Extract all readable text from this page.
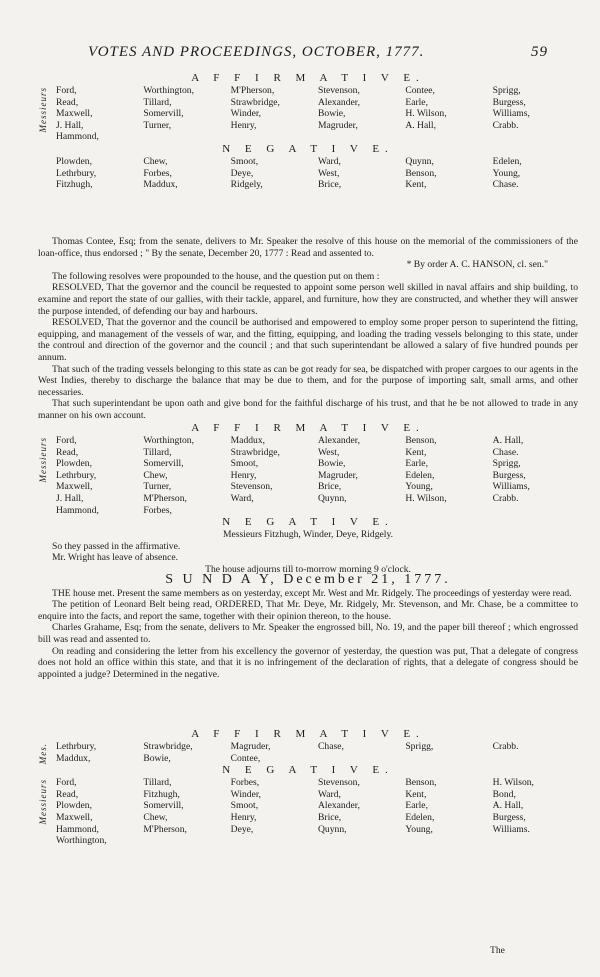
VOTES AND PROCEEDINGS, OCTOBER, 1777.	59
A F F I R M A T I V E.
Messieurs Ford,	Worthington,	M'Pherson,	Stevenson,	Contee,	Sprigg,
Read,	Tillard,	Strawbridge,	Alexander,	Earle,	Burgess,
Maxwell,	Somervill,	Winder,	Bowie,	H. Wilson,	Williams,
J. Hall,	Turner,	Henry,	Magruder,	A. Hall,	Crabb.
Hammond,
N E G A T I V E.
Plowden,	Chew,	Smoot,	Ward,	Quynn,	Edelen,
Lethrbury,	Forbes,	Deye,	West,	Benson,	Young,
Fitzhugh,	Maddux,	Ridgely,	Brice,	Kent,	Chase.

Thomas Contee, Esq; from the senate, delivers to Mr. Speaker the resolve of this house on the memorial of the commissioners of the loan-office, thus endorsed ; " By the senate, December 20, 1777 : Read and assented to.

* By order A. C. HANSON, cl. sen."

The following resolves were propounded to the house, and the question put on them :

RESOLVED, That the governor and the council be requested to appoint some person well skilled in naval affairs and ship building, to examine and report the state of our gallies, with their tackle, apparel, and furniture, how they are constructed, and whether they will answer the purpose intended, of defending our bay and harbours.

RESOLVED, That the governor and the council be authorised and empowered to employ some proper person to superintend the fitting, equipping, and management of the vessels of war, and the fitting, equipping, and loading the trading vessels belonging to this state, under the controul and direction of the governor and the council ; and that such superintendant be allowed a salary of five hundred pounds per annum.

That such of the trading vessels belonging to this state as can be got ready for sea, be dispatched with proper cargoes to our agents in the West Indies, thereby to discharge the balance that may be due to them, and for the purpose of importing salt, small arms, and other necessaries.

That such superintendant be upon oath and give bond for the faithful discharge of his trust, and that he be not allowed to trade in any manner on his own account.

A F F I R M A T I V E.
Messieurs Ford,	Worthington,	Maddux,	Alexander,	Benson,	A. Hall,
Read,	Tillard,	Strawbridge,	West,	Kent,	Chase.
Plowden,	Somervill,	Smoot,	Bowie,	Earle,	Sprigg,
Lethrbury,	Chew,	Henry,	Magruder,	Edelen,	Burgess,
Maxwell,	Turner,	Stevenson,	Brice,	Young,	Williams,
J. Hall,	M'Pherson,	Ward,	Quynn,	H. Wilson,	Crabb.
Hammond,	Forbes,
N E G A T I V E.
Messieurs Fitzhugh, Winder, Deye, Ridgely.

So they passed in the affirmative.

Mr. Wright has leave of absence.

The house adjourns till to-morrow morning 9 o'clock.
S U N D A Y, December 21, 1777.

THE house met. Present the same members as on yesterday, except Mr. West and Mr. Ridgely. The proceedings of yesterday were read.

The petition of Leonard Belt being read, ORDERED, That Mr. Deye, Mr. Ridgely, Mr. Stevenson, and Mr. Chase, be a committee to enquire into the facts, and report the same, together with their opinion thereon, to the house.

Charles Grahame, Esq; from the senate, delivers to Mr. Speaker the engrossed bill, No. 19, and the paper bill thereof ; which engrossed bill was read and assented to.

On reading and considering the letter from his excellency the governor of yesterday, the question was put, That a delegate of congress does not hold an office within this state, and that it is no infringement of the declaration of rights, that a delegate of congress should be appointed a judge? Determined in the negative.

A F F I R M A T I V E.
Mes. Lethrbury,	Strawbridge,	Magruder,	Chase,	Sprigg,	Crabb.
Maddux,	Bowie,	Contee,
N E G A T I V E.
Messieurs Ford,	Tillard,	Forbes,	Stevenson,	Benson,	H. Wilson,
Read,	Fitzhugh,	Winder,	Ward,	Kent,	Bond,
Plowden,	Somervill,	Smoot,	Alexander,	Earle,	A. Hall,
Maxwell,	Chew,	Henry,	Brice,	Edelen,	Burgess,
Hammond,	M'Pherson,	Deye,	Quynn,	Young,	Williams.
Worthington,
The
